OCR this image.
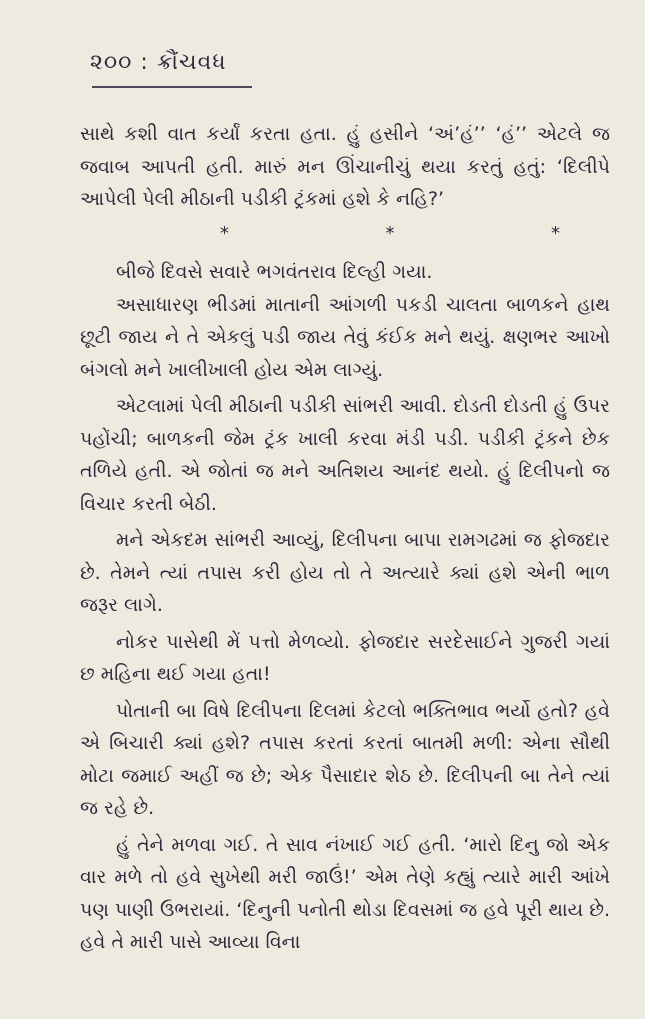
૨૦૦ : ક્રૌંચવધ

સાથે કશી વાત કર્યાં કરતા હતા. હું હસીને ‘અં’હં’’ ‘હં’’ એટલે જ જવાબ આપતી હતી. મારું મન ઊંચાનીચું થયા કરતું હતું: ‘દિલીપે આપેલી પેલી મીઠાની પડીકી ટ્રંકમાં હશે કે નહિ?’

*	*	*

બીજે દિવસે સવારે ભગવંતરાવ દિલ્હી ગયા.

અસાધારણ ભીડમાં માતાની આંગળી પકડી ચાલતા બાળકને હાથ છૂટી જાય ને તે એકલું પડી જાય તેવું કંઈક મને થયું. ક્ષણભર આખો બંગલો મને ખાલીખાલી હોય એમ લાગ્યું.

એટલામાં પેલી મીઠાની પડીકી સાંભરી આવી. દોડતી દોડતી હું ઉપર પહોંચી; બાળકની જેમ ટ્રંક ખાલી કરવા મંડી પડી. પડીકી ટ્રંકને છેક તળિયે હતી. એ જોતાં જ મને અતિશય આનંદ થયો. હું દિલીપનો જ વિચાર કરતી બેઠી.

મને એકદમ સાંભરી આવ્યું, દિલીપના બાપા રામગઢમાં જ ફોજદાર છે. તેમને ત્યાં તપાસ કરી હોય તો તે અત્યારે ક્યાં હશે એની ભાળ જરૂર લાગે.

નોકર પાસેથી મેં પત્તો મેળવ્યો. ફોજદાર સરદેસાઈને ગુજરી ગયાં છ મહિના થઈ ગયા હતા!

પોતાની બા વિષે દિલીપના દિલમાં કેટલો ભક્તિભાવ ભર્યો હતો? હવે એ બિચારી ક્યાં હશે? તપાસ કરતાં કરતાં બાતમી મળી: એના સૌથી મોટા જમાઈ અહીં જ છે; એક પૈસાદાર શેઠ છે. દિલીપની બા તેને ત્યાં જ રહે છે.

હું તેને મળવા ગઈ. તે સાવ નંખાઈ ગઈ હતી. ‘મારો દિનુ જો એક વાર મળે તો હવે સુખેથી મરી જાઉં!’ એમ તેણે કહ્યું ત્યારે મારી આંખે પણ પાણી ઉભરાયાં. ‘દિનુની પનોતી થોડા દિવસમાં જ હવે પૂરી થાય છે. હવે તે મારી પાસે આવ્યા વિના
